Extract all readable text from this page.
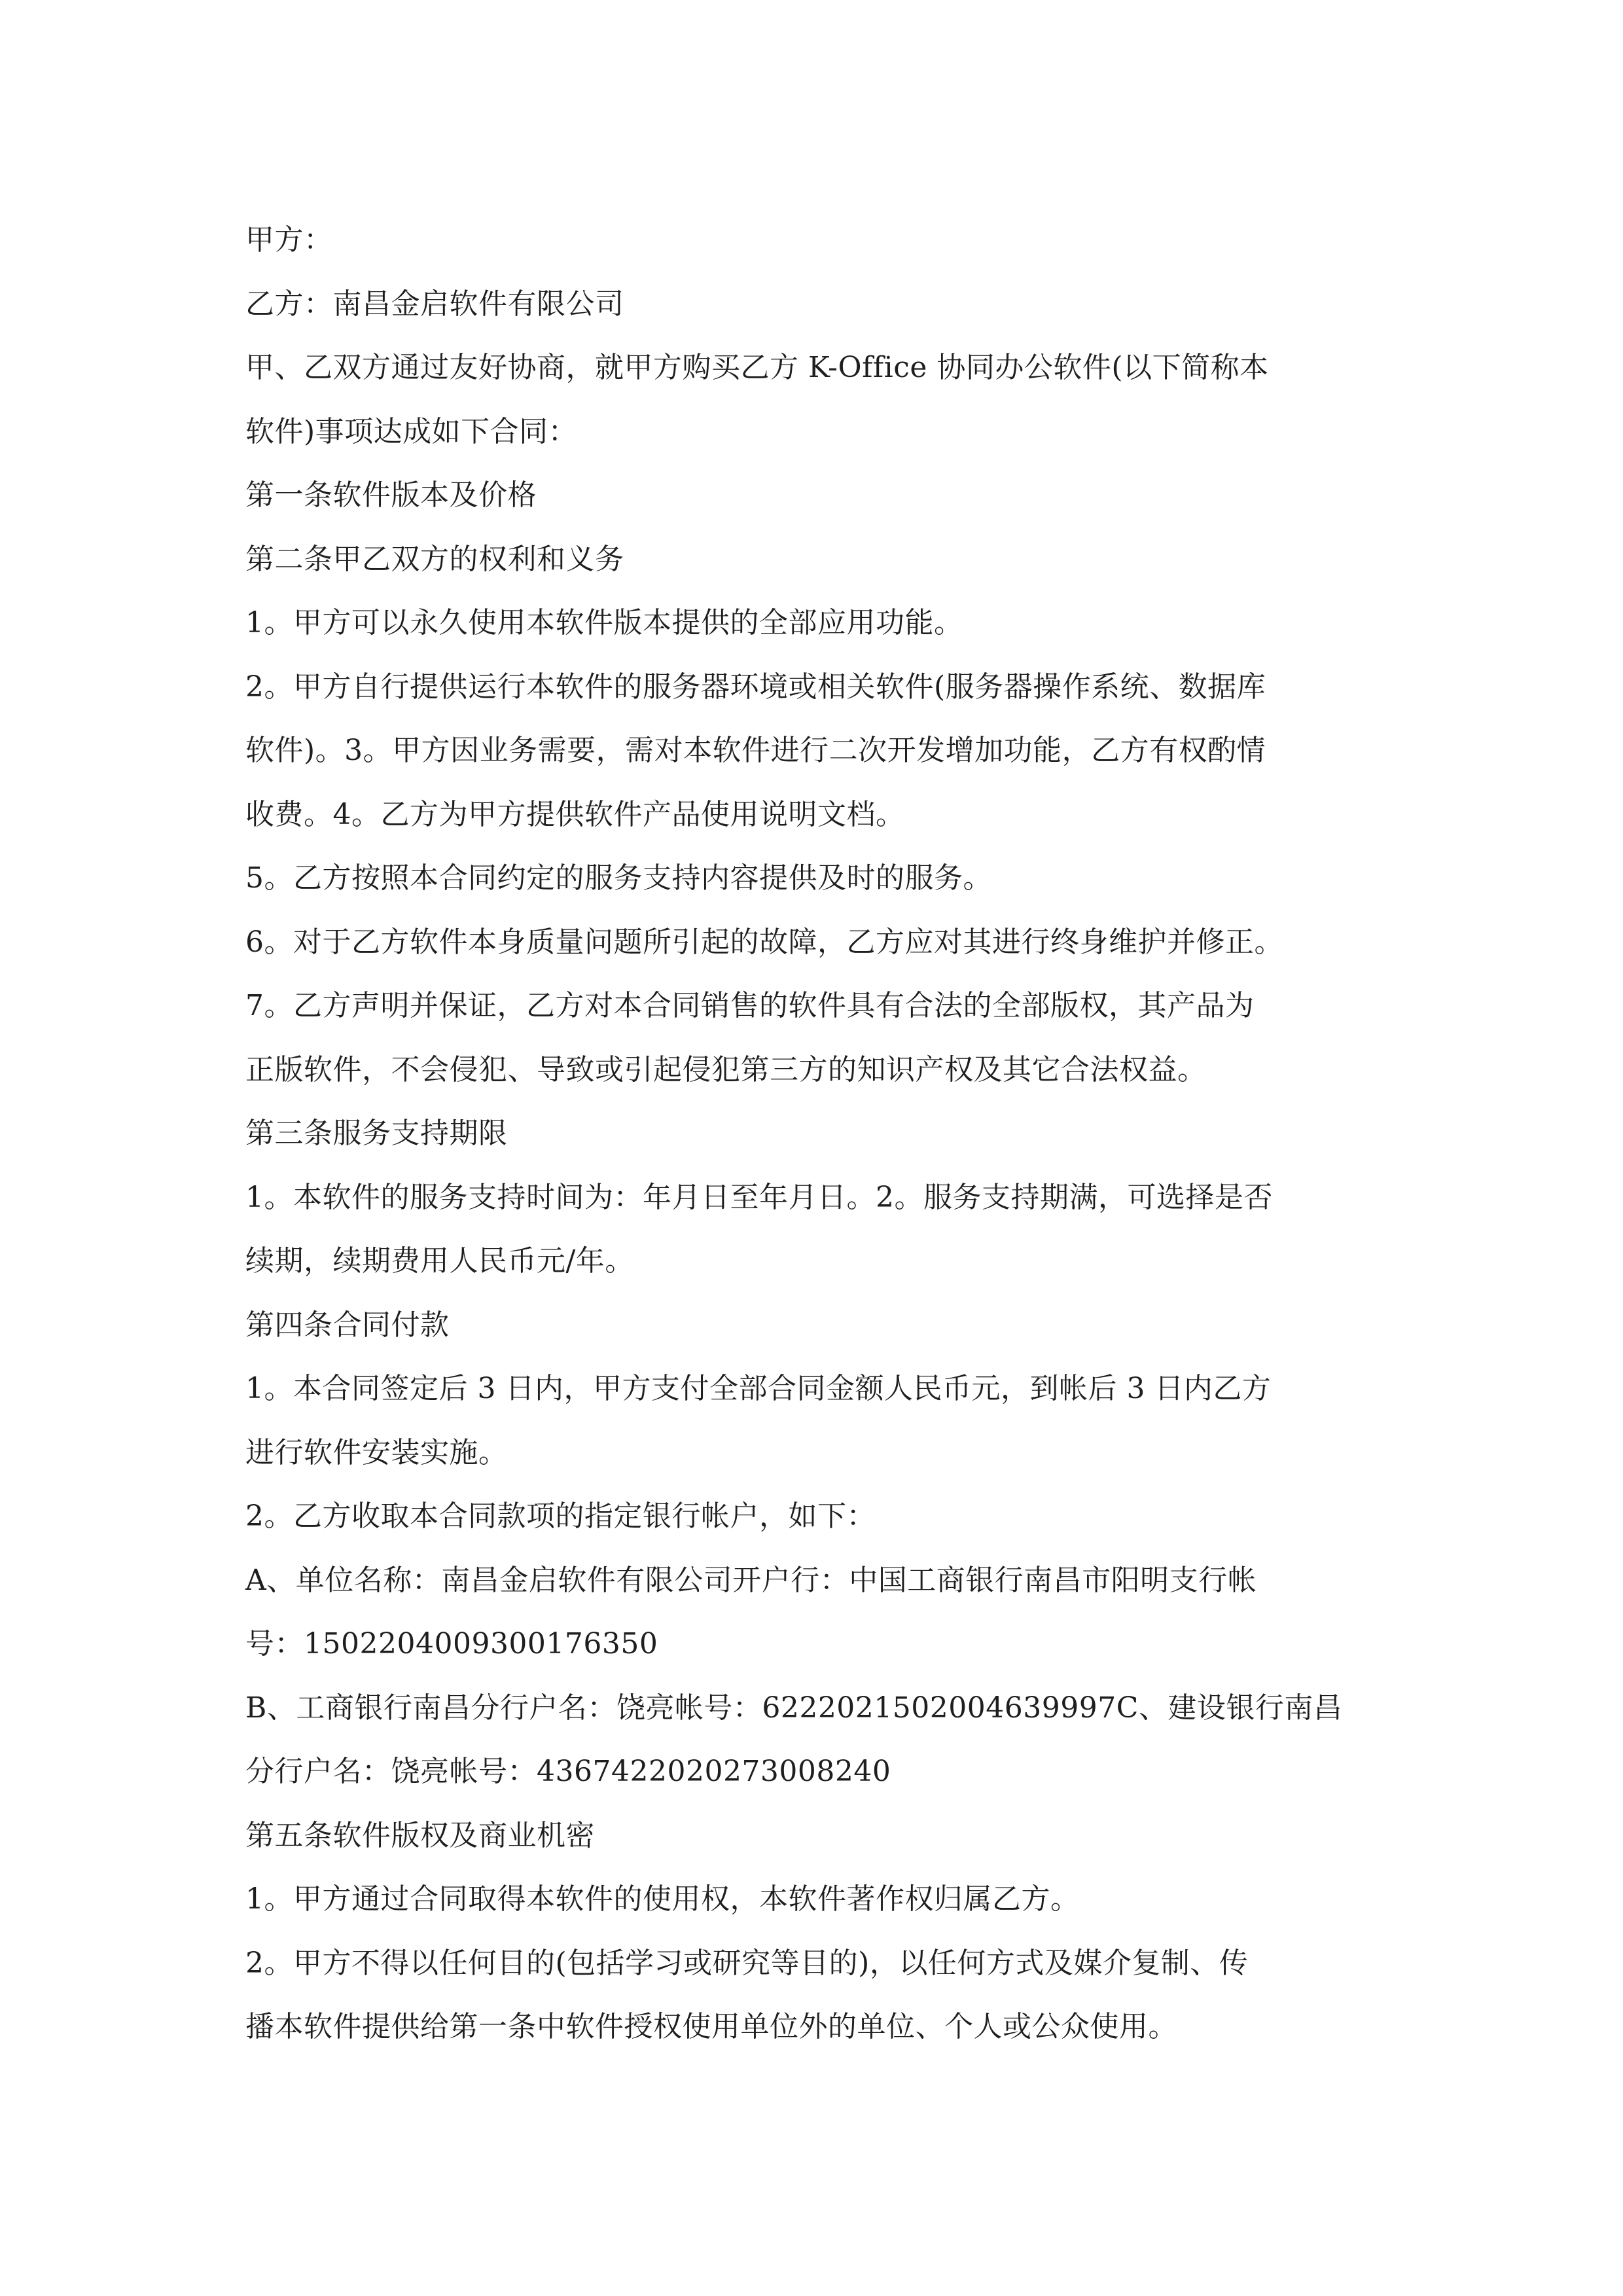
甲方：
乙方：南昌金启软件有限公司
甲、乙双方通过友好协商，就甲方购买乙方 K-Office 协同办公软件(以下简称本
软件)事项达成如下合同：
第一条软件版本及价格
第二条甲乙双方的权利和义务
1。甲方可以永久使用本软件版本提供的全部应用功能。
2。甲方自行提供运行本软件的服务器环境或相关软件(服务器操作系统、数据库
软件)。3。甲方因业务需要，需对本软件进行二次开发增加功能，乙方有权酌情
收费。4。乙方为甲方提供软件产品使用说明文档。
5。乙方按照本合同约定的服务支持内容提供及时的服务。
6。对于乙方软件本身质量问题所引起的故障，乙方应对其进行终身维护并修正。
7。乙方声明并保证，乙方对本合同销售的软件具有合法的全部版权，其产品为
正版软件，不会侵犯、导致或引起侵犯第三方的知识产权及其它合法权益。
第三条服务支持期限
1。本软件的服务支持时间为：年月日至年月日。2。服务支持期满，可选择是否
续期，续期费用人民币元/年。
第四条合同付款
1。本合同签定后 3 日内，甲方支付全部合同金额人民币元，到帐后 3 日内乙方
进行软件安装实施。
2。乙方收取本合同款项的指定银行帐户，如下：
A、单位名称：南昌金启软件有限公司开户行：中国工商银行南昌市阳明支行帐
号：1502204009300176350
B、工商银行南昌分行户名：饶亮帐号：6222021502004639997C、建设银行南昌
分行户名：饶亮帐号：4367422020273008240
第五条软件版权及商业机密
1。甲方通过合同取得本软件的使用权，本软件著作权归属乙方。
2。甲方不得以任何目的(包括学习或研究等目的)，以任何方式及媒介复制、传
播本软件提供给第一条中软件授权使用单位外的单位、个人或公众使用。
